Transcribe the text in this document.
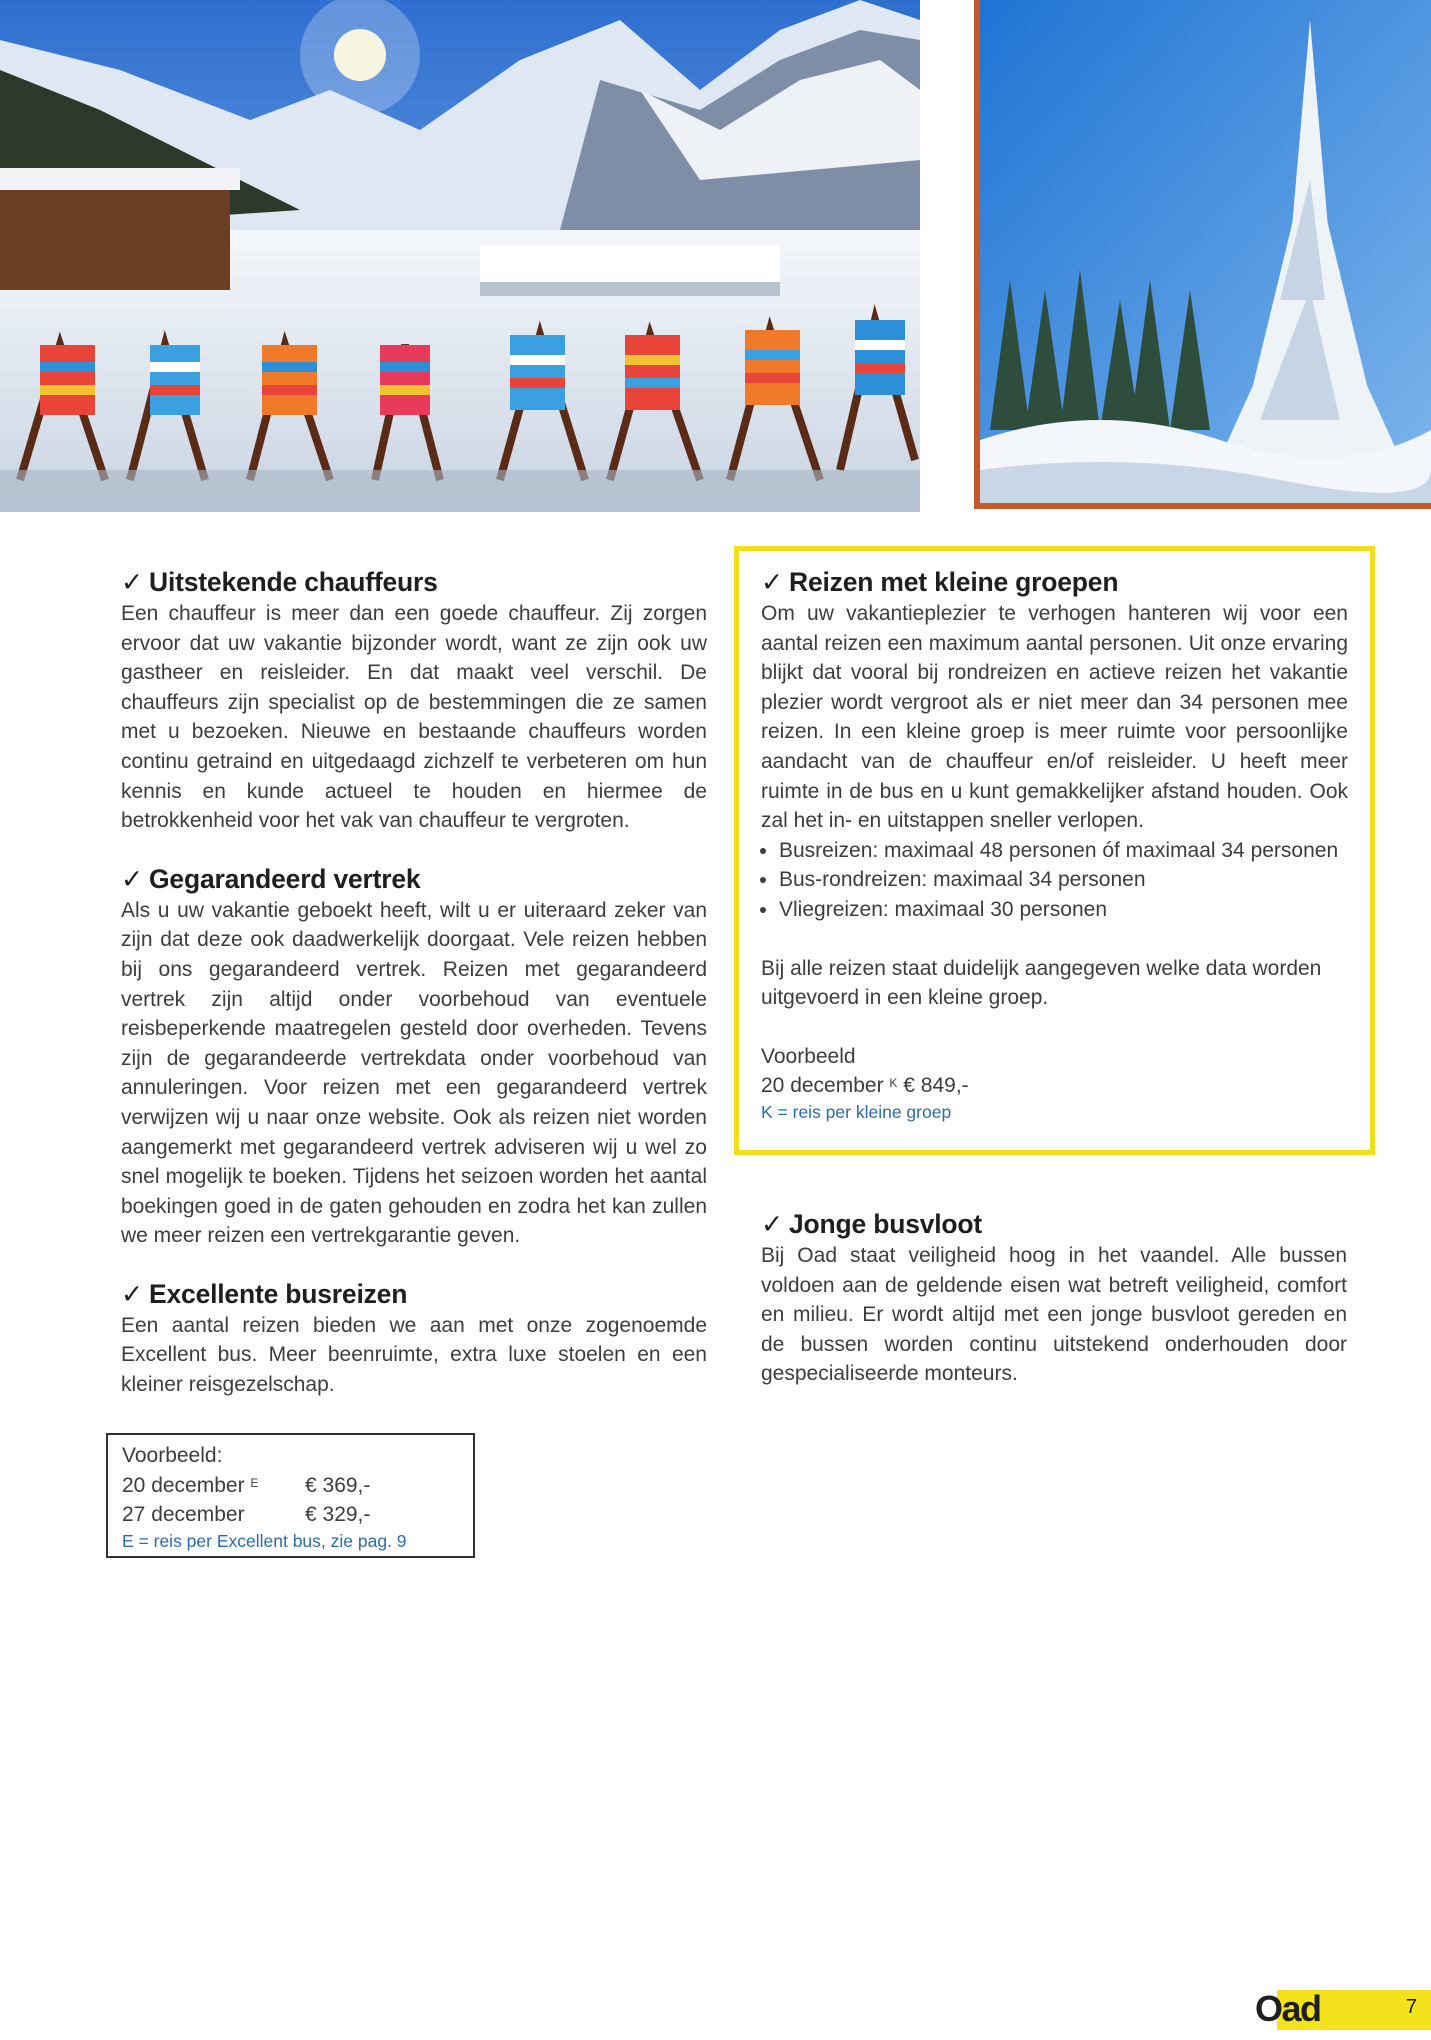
✓ Uitstekende chauffeurs

Een chauffeur is meer dan een goede chauffeur. Zij zorgen ervoor dat uw vakantie bijzonder wordt, want ze zijn ook uw gastheer en reisleider. En dat maakt veel verschil. De chauffeurs zijn specialist op de bestemmingen die ze samen met u bezoeken. Nieuwe en bestaande chauffeurs worden continu getraind en uitgedaagd zichzelf te verbeteren om hun kennis en kunde actueel te houden en hiermee de betrokkenheid voor het vak van chauffeur te vergroten.

✓ Gegarandeerd vertrek

Als u uw vakantie geboekt heeft, wilt u er uiteraard zeker van zijn dat deze ook daadwerkelijk doorgaat. Vele reizen hebben bij ons gegarandeerd vertrek. Reizen met gegarandeerd vertrek zijn altijd onder voorbehoud van eventuele reisbeperkende maatregelen gesteld door overheden. Tevens zijn de gegarandeerde vertrekdata onder voorbehoud van annuleringen. Voor reizen met een gegarandeerd vertrek verwijzen wij u naar onze website. Ook als reizen niet worden aangemerkt met gegarandeerd vertrek adviseren wij u wel zo snel mogelijk te boeken. Tijdens het seizoen worden het aantal boekingen goed in de gaten gehouden en zodra het kan zullen we meer reizen een vertrekgarantie geven.

✓ Excellente busreizen

Een aantal reizen bieden we aan met onze zogenoemde Excellent bus. Meer beenruimte, extra luxe stoelen en een kleiner reisgezelschap.

Voorbeeld:
20 december $^E$	€ 369,-
27 december	€ 329,-
E = reis per Excellent bus, zie pag. 9
✓ Reizen met kleine groepen

Om uw vakantieplezier te verhogen hanteren wij voor een aantal reizen een maximum aantal personen. Uit onze ervaring blijkt dat vooral bij rondreizen en actieve reizen het vakantie plezier wordt vergroot als er niet meer dan 34 personen mee reizen. In een kleine groep is meer ruimte voor persoonlijke aandacht van de chauffeur en/of reisleider. U heeft meer ruimte in de bus en u kunt gemakkelijker afstand houden. Ook zal het in- en uitstappen sneller verlopen.

• Busreizen: maximaal 48 personen óf maximaal 34 personen
• Bus-rondreizen: maximaal 34 personen
• Vliegreizen: maximaal 30 personen

Bij alle reizen staat duidelijk aangegeven welke data worden uitgevoerd in een kleine groep.

Voorbeeld
20 december $^K$ € 849,-
K = reis per kleine groep
✓ Jonge busvloot

Bij Oad staat veiligheid hoog in het vaandel. Alle bussen voldoen aan de geldende eisen wat betreft veiligheid, comfort en milieu. Er wordt altijd met een jonge busvloot gereden en de bussen worden continu uitstekend onderhouden door gespecialiseerde monteurs.

Oad	7
